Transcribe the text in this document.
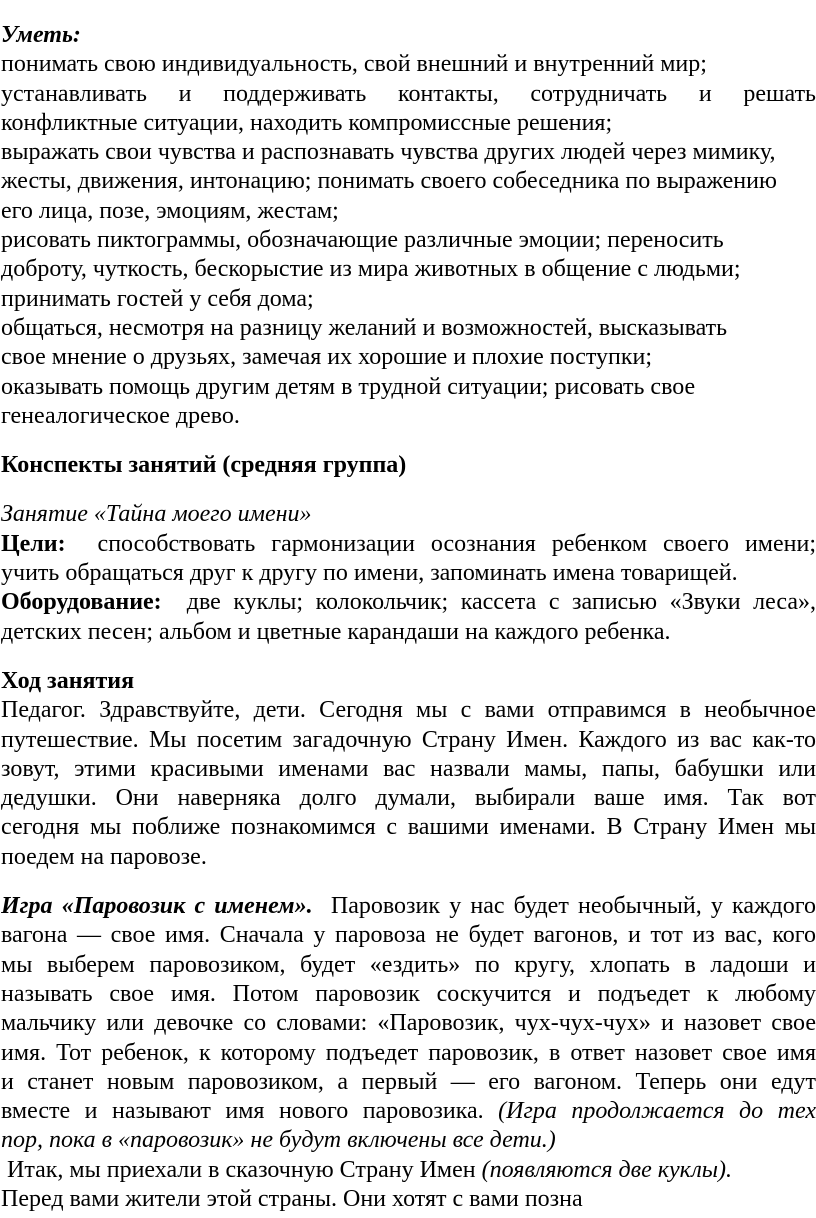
Уметь:
понимать свою индивидуальность, свой внешний и внутренний мир;
устанавливать и поддерживать контакты, сотрудничать и решать
конфликтные ситуации, находить компромиссные решения;
выражать свои чувства и распознавать чувства других людей через мимику,
жесты, движения, интонацию; понимать своего собеседника по выражению
его лица, позе, эмоциям, жестам;
рисовать пиктограммы, обозначающие различные эмоции; переносить
доброту, чуткость, бескорыстие из мира животных в общение с людьми;
принимать гостей у себя дома;
общаться, несмотря на разницу желаний и возможностей, высказывать
свое мнение о друзьях, замечая их хорошие и плохие поступки;
оказывать помощь другим детям в трудной ситуации; рисовать свое
генеалогическое древо.
Конспекты занятий (средняя группа)
Занятие «Тайна моего имени»
Цели:  способствовать гармонизации осознания ребенком своего имени;
учить обращаться друг к другу по имени, запоминать имена товарищей.
Оборудование:  две куклы; колокольчик; кассета с записью «Звуки леса»,
детских песен; альбом и цветные карандаши на каждого ребенка.
Ход занятия
Педагог. Здравствуйте, дети. Сегодня мы с вами отправимся в необычное
путешествие. Мы посетим загадочную Страну Имен. Каждого из вас как-то
зовут, этими красивыми именами вас назвали мамы, папы, бабушки или
дедушки. Они наверняка долго думали, выбирали ваше имя. Так вот
сегодня мы поближе познакомимся с вашими именами. В Страну Имен мы
поедем на паровозе.
Игра «Паровозик с именем».  Паровозик у нас будет необычный, у каждого
вагона — свое имя. Сначала у паровоза не будет вагонов, и тот из вас, кого
мы выберем паровозиком, будет «ездить» по кругу, хлопать в ладоши и
называть свое имя. Потом паровозик соскучится и подъедет к любому
мальчику или девочке со словами: «Паровозик, чух-чух-чух» и назовет свое
имя. Тот ребенок, к которому подъедет паровозик, в ответ назовет свое имя
и станет новым паровозиком, а первый — его вагоном. Теперь они едут
вместе и называют имя нового паровозика. (Игра продолжается до тех
пор, пока в «паровозик» не будут включены все дети.)
Итак, мы приехали в сказочную Страну Имен (появляются две куклы).
Перед вами жители этой страны. Они хотят с вами позна
